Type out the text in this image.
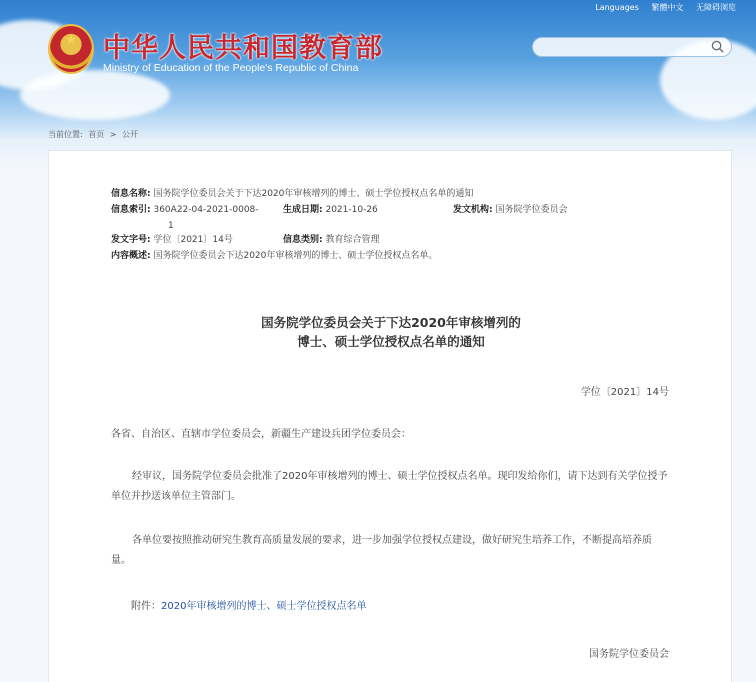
★ 中华人民共和国教育部
Ministry of Education of the People's Republic of China
Languages 繁體中文 无障碍浏览
当前位置: 首页 > 公开
信息名称: 国务院学位委员会关于下达2020年审核增列的博士、硕士学位授权点名单的通知
信息索引: 360A22-04-2021-0008-	生成日期: 2021-10-26	发文机构: 国务院学位委员会
1
发文字号: 学位〔2021〕14号	信息类别: 教育综合管理
内容概述: 国务院学位委员会下达2020年审核增列的博士、硕士学位授权点名单。
国务院学位委员会关于下达2020年审核增列的
博士、硕士学位授权点名单的通知
学位〔2021〕14号
各省、自治区、直辖市学位委员会，新疆生产建设兵团学位委员会：
经审议，国务院学位委员会批准了2020年审核增列的博士、硕士学位授权点名单。现印发给你们，请下达到有关学位授予单位并抄送该单位主管部门。
各单位要按照推动研究生教育高质量发展的要求，进一步加强学位授权点建设，做好研究生培养工作，不断提高培养质量。
附件：2020年审核增列的博士、硕士学位授权点名单
国务院学位委员会
